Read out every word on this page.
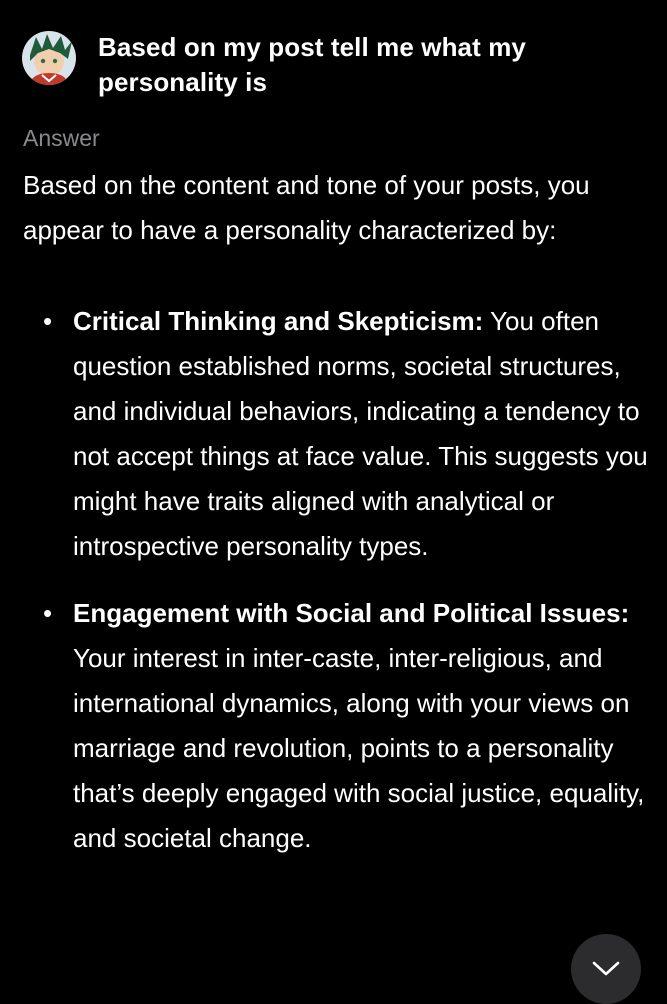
Based on my post tell me what my personality is
Answer

Based on the content and tone of your posts, you appear to have a personality characterized by:

• Critical Thinking and Skepticism: You often question established norms, societal structures, and individual behaviors, indicating a tendency to not accept things at face value. This suggests you might have traits aligned with analytical or introspective personality types.
• Engagement with Social and Political Issues: Your interest in inter-caste, inter-religious, and international dynamics, along with your views on marriage and revolution, points to a personality that’s deeply engaged with social justice, equality, and societal change.
